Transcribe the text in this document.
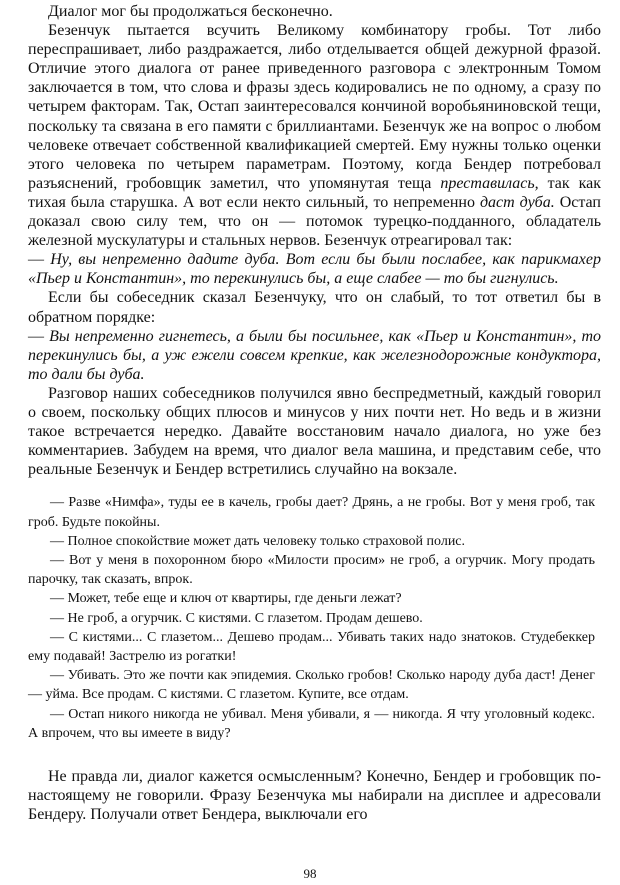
Диалог мог бы продолжаться бесконечно.

Безенчук пытается всучить Великому комбинатору гробы. Тот либо переспрашивает, либо раздражается, либо отделывается общей дежурной фразой. Отличие этого диалога от ранее приведенного разговора с электронным Томом заключается в том, что слова и фразы здесь кодировались не по одному, а сразу по четырем факторам. Так, Остап заинтересовался кончиной воробьяниновской тещи, поскольку та связана в его памяти с бриллиантами. Безенчук же на вопрос о любом человеке отвечает собственной квалификацией смертей. Ему нужны только оценки этого человека по четырем параметрам. Поэтому, когда Бендер потребовал разъяснений, гробовщик заметил, что упомянутая теща преставилась, так как тихая была старушка. А вот если некто сильный, то непременно даст дуба. Остап доказал свою силу тем, что он — потомок турецко-подданного, обладатель железной мускулатуры и стальных нервов. Безенчук отреагировал так:

— Ну, вы непременно дадите дуба. Вот если бы были послабее, как парикмахер «Пьер и Константин», то перекинулись бы, а еще слабее — то бы гигнулись.

Если бы собеседник сказал Безенчуку, что он слабый, то тот ответил бы в обратном порядке:

— Вы непременно гигнетесь, а были бы посильнее, как «Пьер и Константин», то перекинулись бы, а уж ежели совсем крепкие, как железнодорожные кондуктора, то дали бы дуба.

Разговор наших собеседников получился явно беспредметный, каждый говорил о своем, поскольку общих плюсов и минусов у них почти нет. Но ведь и в жизни такое встречается нередко. Давайте восстановим начало диалога, но уже без комментариев. Забудем на время, что диалог вела машина, и представим себе, что реальные Безенчук и Бендер встретились случайно на вокзале.

— Разве «Нимфа», туды ее в качель, гробы дает? Дрянь, а не гробы. Вот у меня гроб, так гроб. Будьте покойны.

— Полное спокойствие может дать человеку только страховой полис.

— Вот у меня в похоронном бюро «Милости просим» не гроб, а огурчик. Могу продать парочку, так сказать, впрок.

— Может, тебе еще и ключ от квартиры, где деньги лежат?

— Не гроб, а огурчик. С кистями. С глазетом. Продам дешево.

— С кистями... С глазетом... Дешево продам... Убивать таких надо знатоков. Студебеккер ему подавай! Застрелю из рогатки!

— Убивать. Это же почти как эпидемия. Сколько гробов! Сколько народу дуба даст! Денег — уйма. Все продам. С кистями. С глазетом. Купите, все отдам.

— Остап никого никогда не убивал. Меня убивали, я — никогда. Я чту уголовный кодекс. А впрочем, что вы имеете в виду?

Не правда ли, диалог кажется осмысленным? Конечно, Бендер и гробовщик по-настоящему не говорили. Фразу Безенчука мы набирали на дисплее и адресовали Бендеру. Получали ответ Бендера, выключали его

98
